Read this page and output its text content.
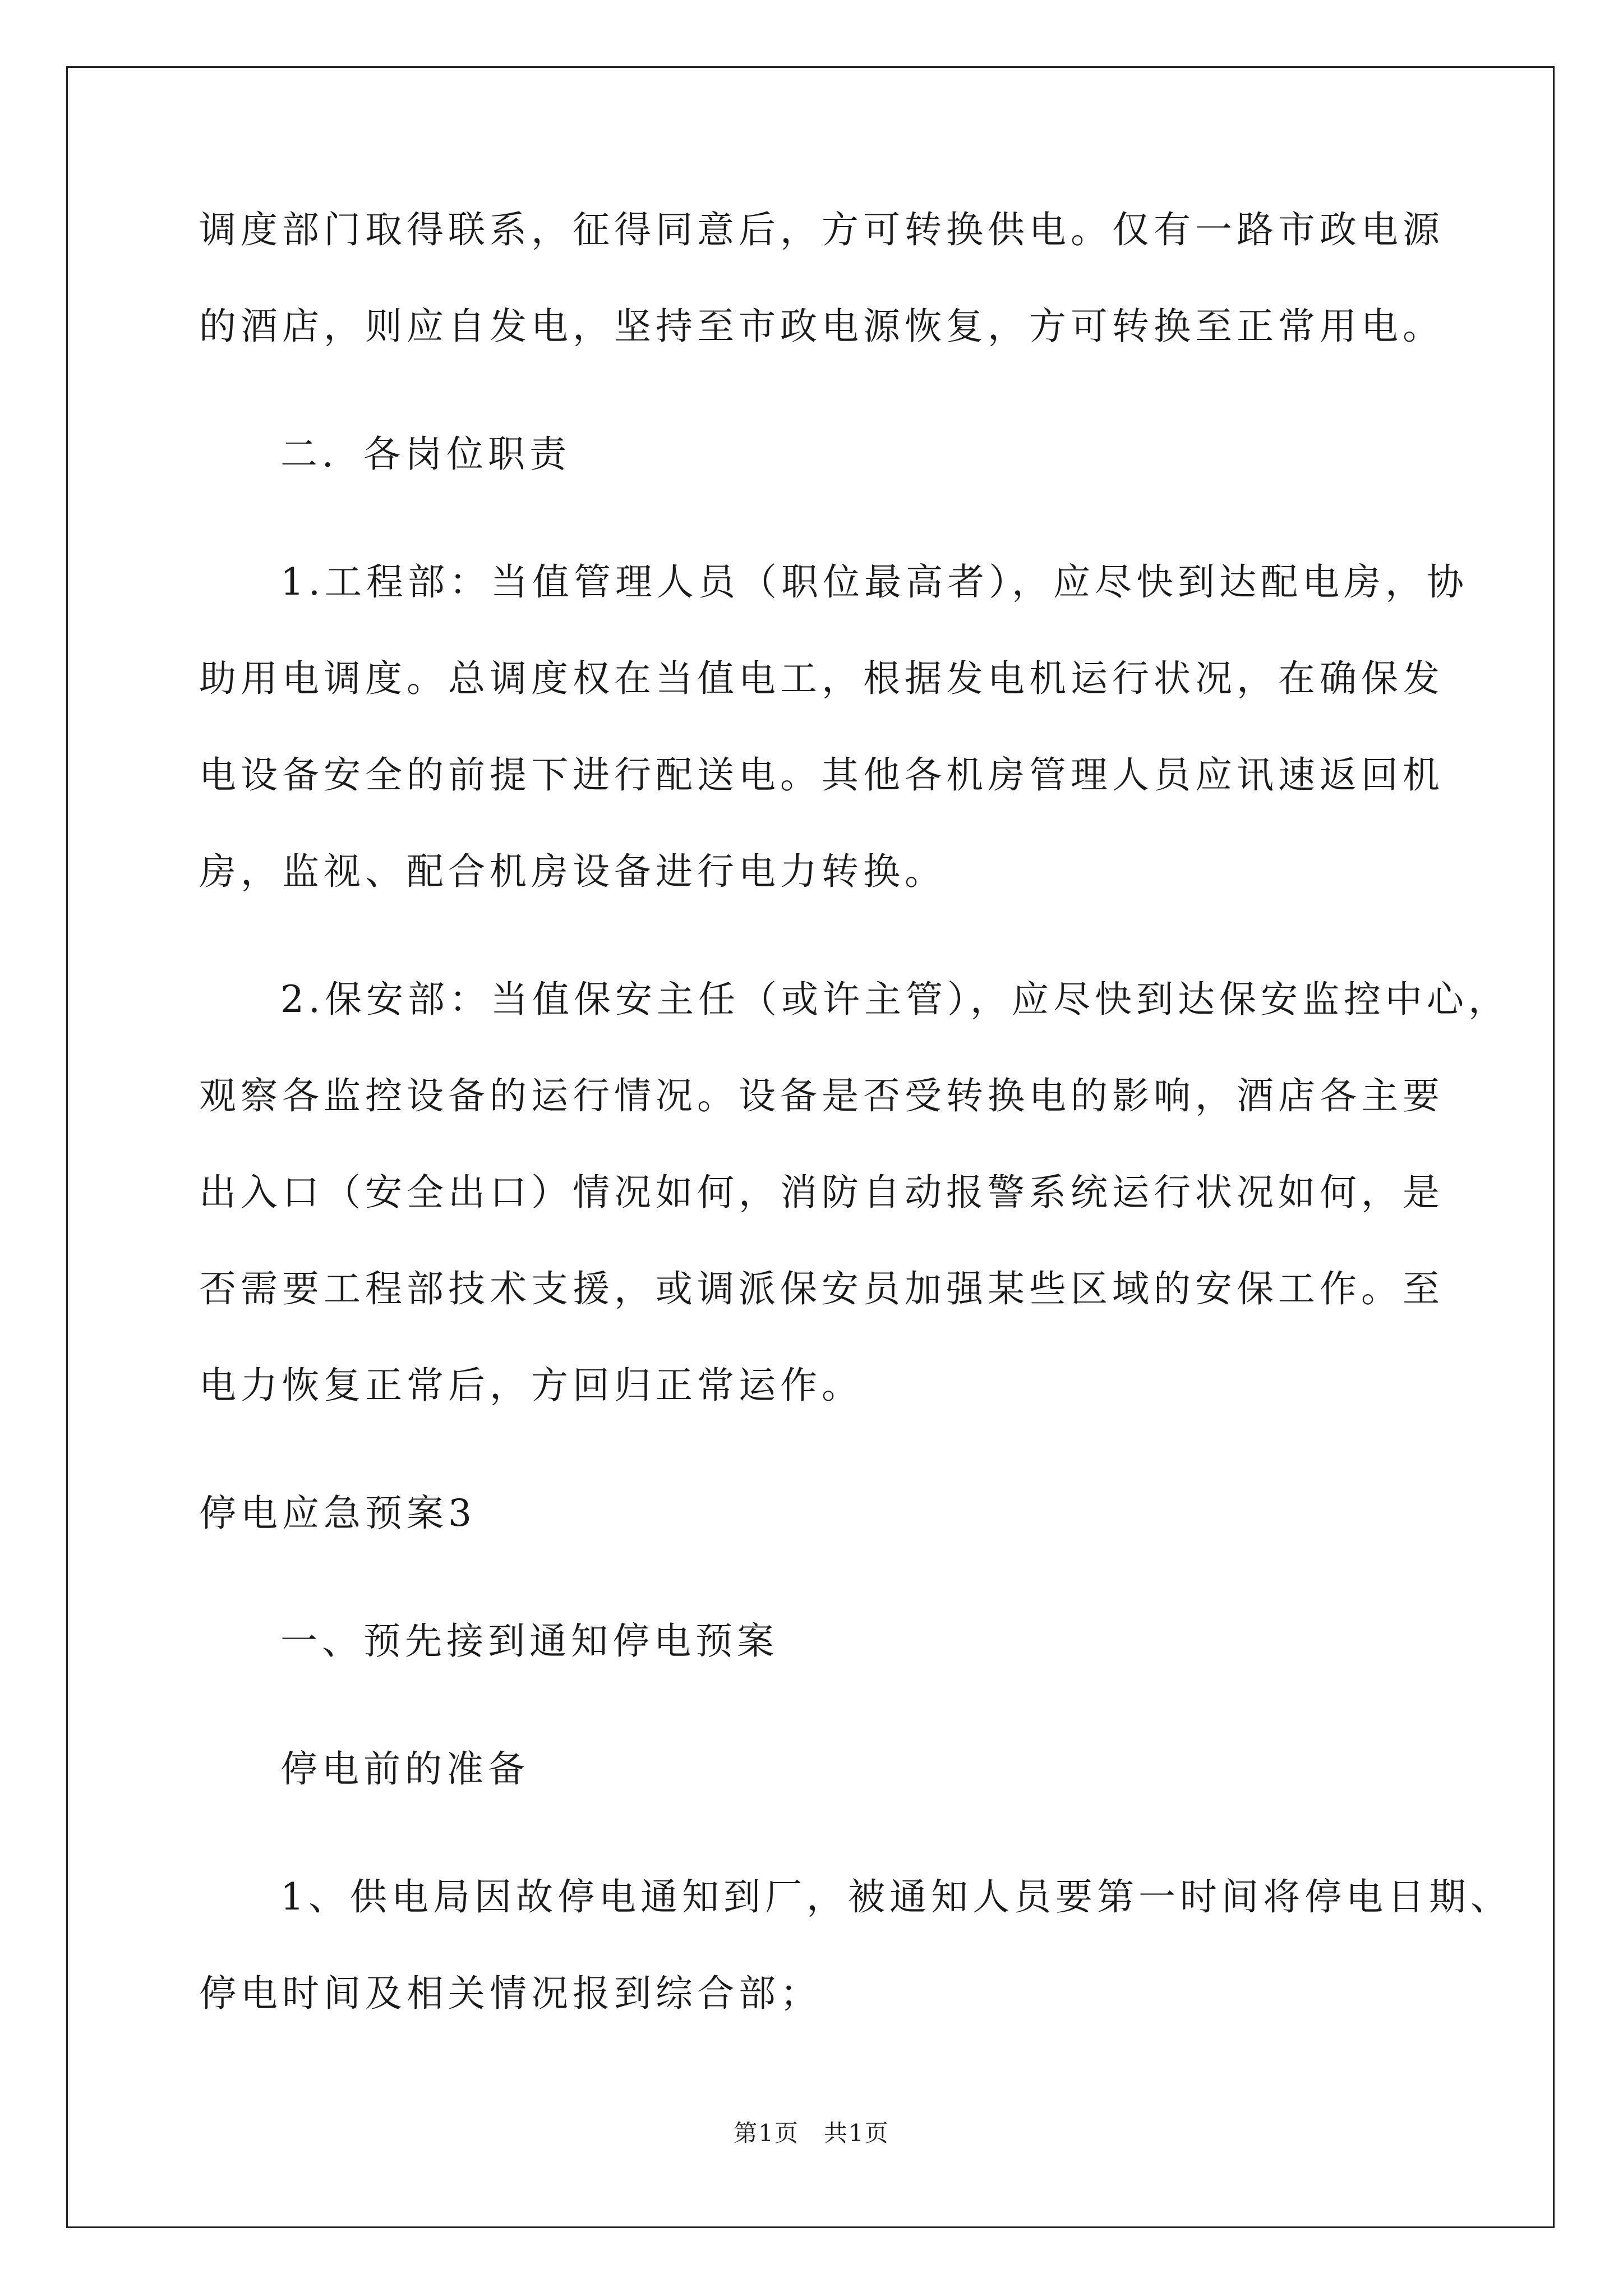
调度部门取得联系，征得同意后，方可转换供电。仅有一路市政电源
的酒店，则应自发电，坚持至市政电源恢复，方可转换至正常用电。
二．各岗位职责
1.工程部：当值管理人员（职位最高者），应尽快到达配电房，协
助用电调度。总调度权在当值电工，根据发电机运行状况，在确保发
电设备安全的前提下进行配送电。其他各机房管理人员应讯速返回机
房，监视、配合机房设备进行电力转换。
2.保安部：当值保安主任（或许主管），应尽快到达保安监控中心，
观察各监控设备的运行情况。设备是否受转换电的影响，酒店各主要
出入口（安全出口）情况如何，消防自动报警系统运行状况如何，是
否需要工程部技术支援，或调派保安员加强某些区域的安保工作。至
电力恢复正常后，方回归正常运作。
停电应急预案3
一、预先接到通知停电预案
停电前的准备
1、供电局因故停电通知到厂，被通知人员要第一时间将停电日期、
停电时间及相关情况报到综合部；
第1页　共1页
